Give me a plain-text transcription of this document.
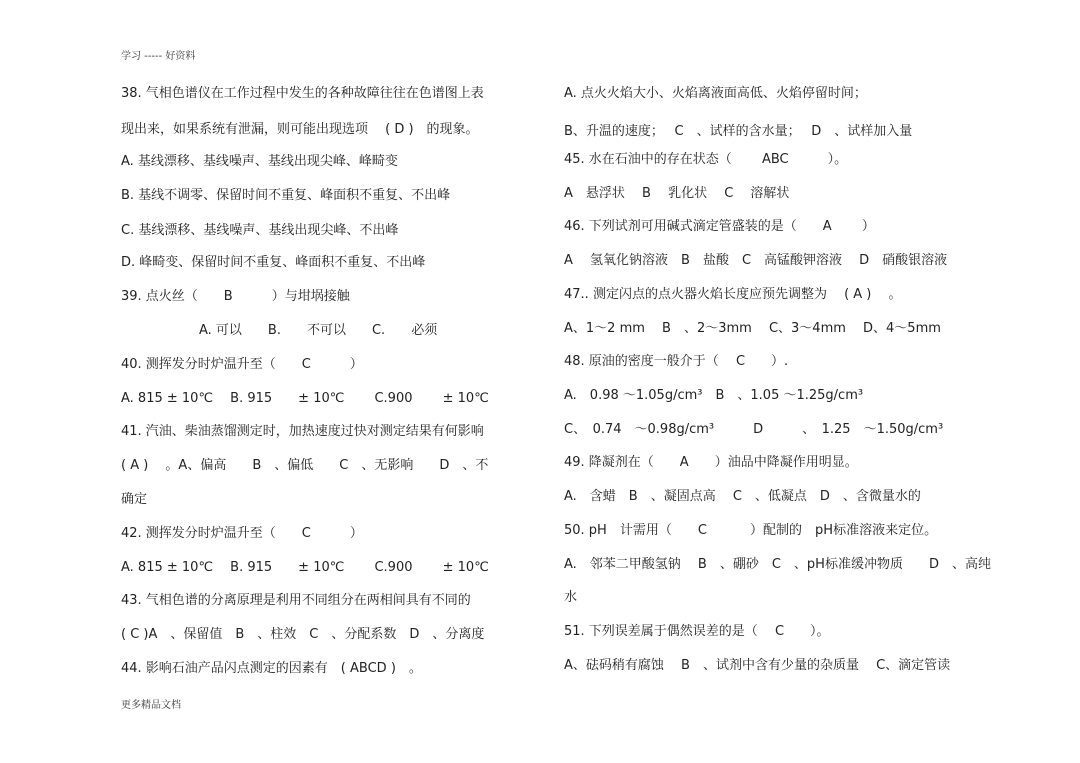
学习 ----- 好资料
38. 气相色谱仪在工作过程中发生的各种故障往往在色谱图上表
现出来，如果系统有泄漏，则可能出现选项　 ( D )　的现象。
A. 基线漂移、基线噪声、基线出现尖峰、峰畸变
B. 基线不调零、保留时间不重复、峰面积不重复、不出峰
C. 基线漂移、基线噪声、基线出现尖峰、不出峰
D. 峰畸变、保留时间不重复、峰面积不重复、不出峰
39. 点火丝（　　B　　　）与坩埚接触
　　　　　　A. 可以　　B.　　不可以　　C.　　必须
40. 测挥发分时炉温升至（　　C　　　）
A. 815 ± 10℃　 B. 915　　± 10℃　　 C.900　　 ± 10℃
41. 汽油、柴油蒸馏测定时，加热速度过快对测定结果有何影响
( A )　 。A、偏高　　B　、偏低　　C　、无影响　　D　、不
确定
42. 测挥发分时炉温升至（　　C　　　）
A. 815 ± 10℃　 B. 915　　± 10℃　　 C.900　　 ± 10℃
43. 气相色谱的分离原理是利用不同组分在两相间具有不同的
( C )A　、保留值　B　、柱效　C　、分配系数　D　、分离度
44. 影响石油产品闪点测定的因素有　( ABCD )　。
A. 点火火焰大小、火焰离液面高低、火焰停留时间；
B、升温的速度；　 C　、试样的含水量；　 D　、试样加入量
45. 水在石油中的存在状态（　　 ABC　　　）。
A　悬浮状　 B　 乳化状　 C　 溶解状
46. 下列试剂可用碱式滴定管盛装的是（　　A　　 ）
A　 氢氧化钠溶液　B　盐酸　C　高锰酸钾溶液　 D　硝酸银溶液
47.. 测定闪点的点火器火焰长度应预先调整为　 ( A )　 。
A、1～2 mm　 B　、2～3mm　 C、3～4mm　 D、4～5mm
48. 原油的密度一般介于（　 C　　）.
A.　0.98 ～1.05g/cm³　B　、1.05 ～1.25g/cm³
C、　0.74　～0.98g/cm³　　　D　　　、　1.25　～1.50g/cm³
49. 降凝剂在（　　A　　）油品中降凝作用明显。
A.　含蜡　B　、凝固点高　 C　、低凝点　D　、含微量水的
50. pH　计需用（　　C　　　 ）配制的　pH标准溶液来定位。
A.　邻苯二甲酸氢钠　 B　、硼砂　C　、pH标准缓冲物质　　D　、高纯
水
51. 下列误差属于偶然误差的是（　 C　　）。
A、砝码稍有腐蚀　 B　、试剂中含有少量的杂质量　 C、滴定管读
更多精品文档
